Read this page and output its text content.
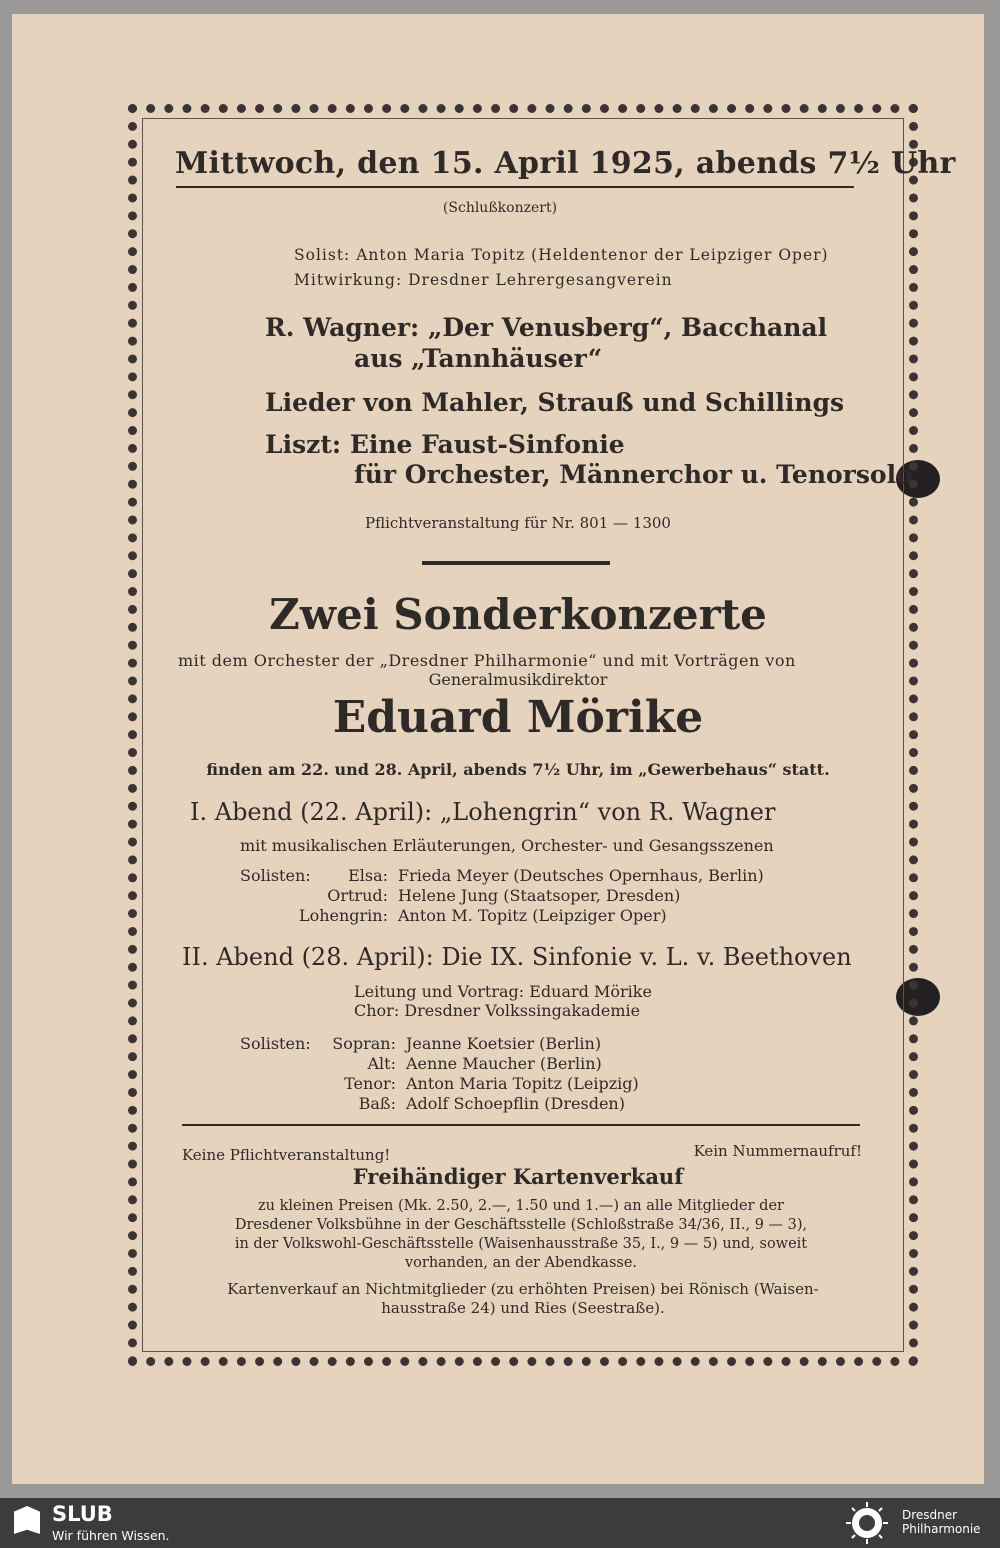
Mittwoch, den 15. April 1925, abends 7½ Uhr
(Schlußkonzert)
Solist: Anton Maria Topitz (Heldentenor der Leipziger Oper)
Mitwirkung: Dresdner Lehrergesangverein
R. Wagner: „Der Venusberg“, Bacchanal
aus „Tannhäuser“
Lieder von Mahler, Strauß und Schillings
Liszt: Eine Faust-Sinfonie
für Orchester, Männerchor u. Tenorsolo
Pflichtveranstaltung für Nr. 801 — 1300
Zwei Sonderkonzerte
mit dem Orchester der „Dresdner Philharmonie“ und mit Vorträgen von
Generalmusikdirektor
Eduard Mörike
finden am 22. und 28. April, abends 7½ Uhr, im „Gewerbehaus“ statt.
I. Abend (22. April): „Lohengrin“ von R. Wagner
mit musikalischen Erläuterungen, Orchester- und Gesangsszenen
Solisten: Elsa: Frieda Meyer (Deutsches Opernhaus, Berlin)
Ortrud: Helene Jung (Staatsoper, Dresden)
Lohengrin: Anton M. Topitz (Leipziger Oper)
II. Abend (28. April): Die IX. Sinfonie v. L. v. Beethoven
Leitung und Vortrag: Eduard Mörike
Chor: Dresdner Volkssingakademie
Solisten: Sopran: Jeanne Koetsier (Berlin)
Alt: Aenne Maucher (Berlin)
Tenor: Anton Maria Topitz (Leipzig)
Baß: Adolf Schoepflin (Dresden)
Keine Pflichtveranstaltung!	Kein Nummernaufruf!
Freihändiger Kartenverkauf
zu kleinen Preisen (Mk. 2.50, 2.—, 1.50 und 1.—) an alle Mitglieder der
Dresdener Volksbühne in der Geschäftsstelle (Schloßstraße 34/36, II., 9 — 3),
in der Volkswohl-Geschäftsstelle (Waisenhausstraße 35, I., 9 — 5) und, soweit
vorhanden, an der Abendkasse.
Kartenverkauf an Nichtmitglieder (zu erhöhten Preisen) bei Rönisch (Waisen-
hausstraße 24) und Ries (Seestraße).
SLUB
Wir führen Wissen.
Dresdner
Philharmonie
